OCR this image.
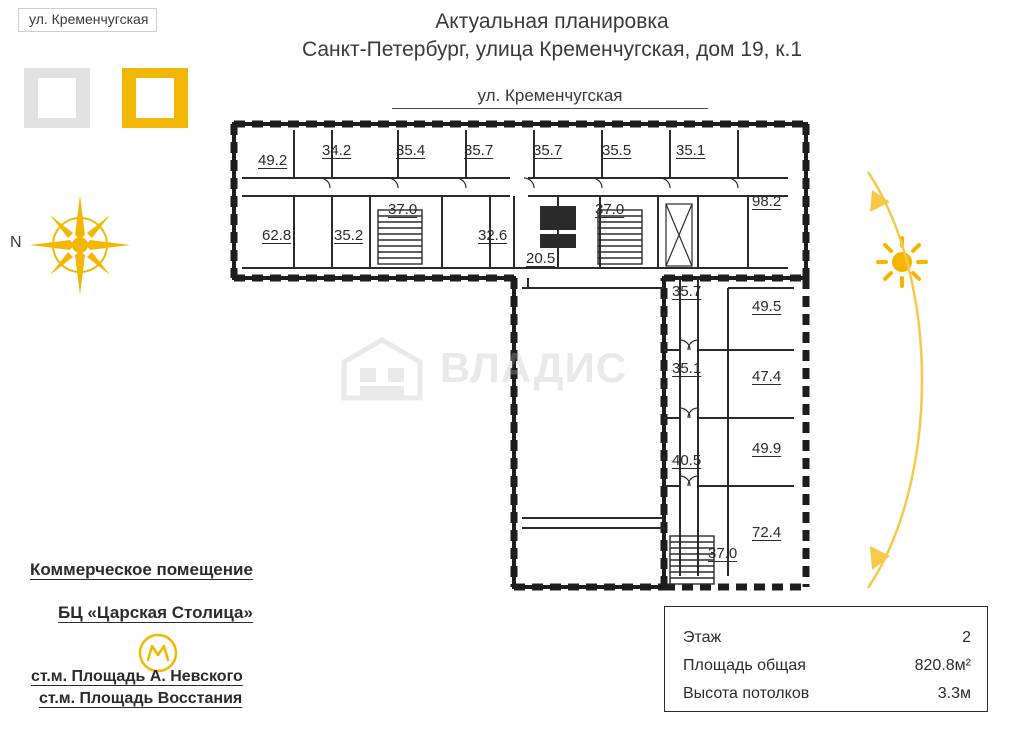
Актуальная планировка
Санкт-Петербург, улица Кременчугская, дом 19, к.1
ул. Кременчугская
ул. Кременчугская
N
49.2
34.2	35.4	35.7	35.7	35.5	35.1
98.2
62.8	35.2
37.0
32.6
20.5
37.0
35.7
49.5
35.1	47.4
40.5
49.9
37.0
72.4
ВЛАДИС
Коммерческое помещение
БЦ «Царская Столица»
ст.м. Площадь А. Невского
ст.м. Площадь Восстания
Этаж	2
Площадь общая	820.8м²
Высота потолков	3.3м
